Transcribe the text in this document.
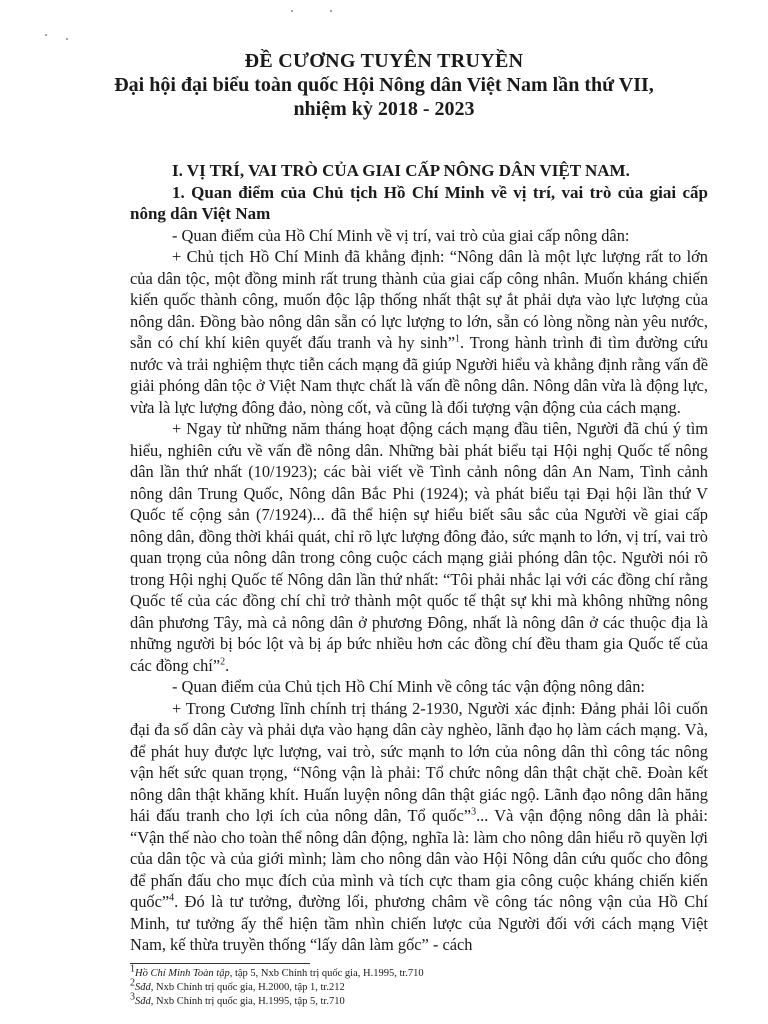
ĐỀ CƯƠNG TUYÊN TRUYỀN

Đại hội đại biểu toàn quốc Hội Nông dân Việt Nam lần thứ VII,

nhiệm kỳ 2018 - 2023

I. VỊ TRÍ, VAI TRÒ CỦA GIAI CẤP NÔNG DÂN VIỆT NAM.

1. Quan điểm của Chủ tịch Hồ Chí Minh về vị trí, vai trò của giai cấp nông dân Việt Nam

- Quan điểm của Hồ Chí Minh về vị trí, vai trò của giai cấp nông dân:

+ Chủ tịch Hồ Chí Minh đã khẳng định: “Nông dân là một lực lượng rất to lớn của dân tộc, một đồng minh rất trung thành của giai cấp công nhân. Muốn kháng chiến kiến quốc thành công, muốn độc lập thống nhất thật sự ắt phải dựa vào lực lượng của nông dân. Đồng bào nông dân sẵn có lực lượng to lớn, sẵn có lòng nồng nàn yêu nước, sẵn có chí khí kiên quyết đấu tranh và hy sinh”$^1$. Trong hành trình đi tìm đường cứu nước và trải nghiệm thực tiễn cách mạng đã giúp Người hiểu và khẳng định rằng vấn đề giải phóng dân tộc ở Việt Nam thực chất là vấn đề nông dân. Nông dân vừa là động lực, vừa là lực lượng đông đảo, nòng cốt, và cũng là đối tượng vận động của cách mạng.

+ Ngay từ những năm tháng hoạt động cách mạng đầu tiên, Người đã chú ý tìm hiểu, nghiên cứu về vấn đề nông dân. Những bài phát biểu tại Hội nghị Quốc tế nông dân lần thứ nhất (10/1923); các bài viết về Tình cảnh nông dân An Nam, Tình cảnh nông dân Trung Quốc, Nông dân Bắc Phi (1924); và phát biểu tại Đại hội lần thứ V Quốc tế cộng sản (7/1924)... đã thể hiện sự hiểu biết sâu sắc của Người về giai cấp nông dân, đồng thời khái quát, chỉ rõ lực lượng đông đảo, sức mạnh to lớn, vị trí, vai trò quan trọng của nông dân trong công cuộc cách mạng giải phóng dân tộc. Người nói rõ trong Hội nghị Quốc tế Nông dân lần thứ nhất: “Tôi phải nhắc lại với các đồng chí rằng Quốc tế của các đồng chí chỉ trở thành một quốc tế thật sự khi mà không những nông dân phương Tây, mà cả nông dân ở phương Đông, nhất là nông dân ở các thuộc địa là những người bị bóc lột và bị áp bức nhiều hơn các đồng chí đều tham gia Quốc tế của các đồng chí”$^2$.

- Quan điểm của Chủ tịch Hồ Chí Minh về công tác vận động nông dân:

+ Trong Cương lĩnh chính trị tháng 2-1930, Người xác định: Đảng phải lôi cuốn đại đa số dân cày và phải dựa vào hạng dân cày nghèo, lãnh đạo họ làm cách mạng. Và, để phát huy được lực lượng, vai trò, sức mạnh to lớn của nông dân thì công tác nông vận hết sức quan trọng, “Nông vận là phải: Tổ chức nông dân thật chặt chẽ. Đoàn kết nông dân thật khăng khít. Huấn luyện nông dân thật giác ngộ. Lãnh đạo nông dân hăng hái đấu tranh cho lợi ích của nông dân, Tổ quốc”$^3$... Và vận động nông dân là phải: “Vận thế nào cho toàn thể nông dân động, nghĩa là: làm cho nông dân hiểu rõ quyền lợi của dân tộc và của giới mình; làm cho nông dân vào Hội Nông dân cứu quốc cho đông để phấn đấu cho mục đích của mình và tích cực tham gia công cuộc kháng chiến kiến quốc”$^4$. Đó là tư tưởng, đường lối, phương châm về công tác nông vận của Hồ Chí Minh, tư tưởng ấy thể hiện tầm nhìn chiến lược của Người đối với cách mạng Việt Nam, kế thừa truyền thống “lấy dân làm gốc” - cách

$^1$Hồ Chí Minh Toàn tập, tập 5, Nxb Chính trị quốc gia, H.1995, tr.710
$^2$Sđd, Nxb Chính trị quốc gia, H.2000, tập 1, tr.212
$^3$Sđd, Nxb Chính trị quốc gia, H.1995, tập 5, tr.710
